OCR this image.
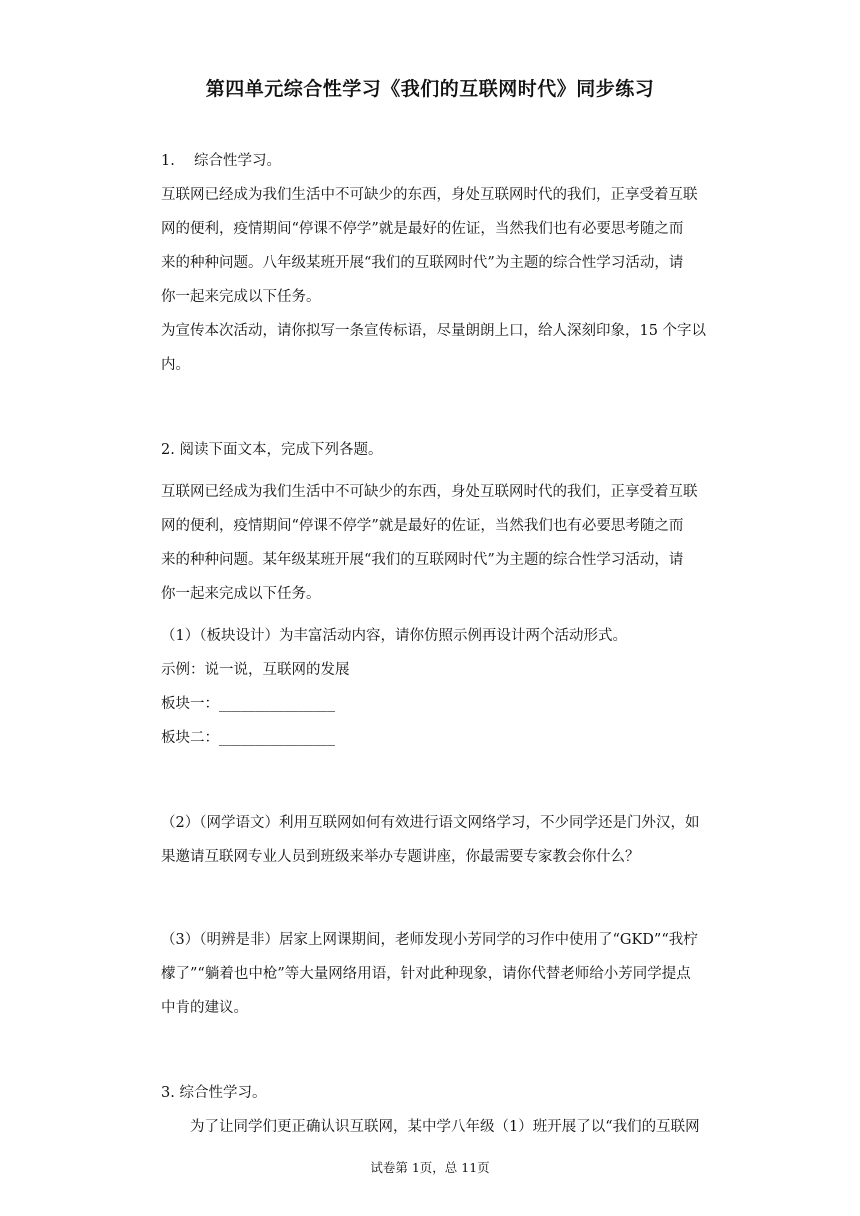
第四单元综合性学习《我们的互联网时代》同步练习
1.　 综合性学习。
互联网已经成为我们生活中不可缺少的东西，身处互联网时代的我们，正享受着互联
网的便利，疫情期间“停课不停学”就是最好的佐证，当然我们也有必要思考随之而
来的种种问题。八年级某班开展“我们的互联网时代”为主题的综合性学习活动，请
你一起来完成以下任务。
为宣传本次活动，请你拟写一条宣传标语，尽量朗朗上口，给人深刻印象，15 个字以
内。
2. 阅读下面文本，完成下列各题。
互联网已经成为我们生活中不可缺少的东西，身处互联网时代的我们，正享受着互联
网的便利，疫情期间“停课不停学”就是最好的佐证，当然我们也有必要思考随之而
来的种种问题。某年级某班开展“我们的互联网时代”为主题的综合性学习活动，请
你一起来完成以下任务。
（1）（板块设计）为丰富活动内容，请你仿照示例再设计两个活动形式。
示例：说一说，互联网的发展
板块一：________________
板块二：________________
（2）（网学语文）利用互联网如何有效进行语文网络学习，不少同学还是门外汉，如
果邀请互联网专业人员到班级来举办专题讲座，你最需要专家教会你什么？
（3）（明辨是非）居家上网课期间，老师发现小芳同学的习作中使用了“GKD”“我柠
檬了”“躺着也中枪”等大量网络用语，针对此种现象，请你代替老师给小芳同学提点
中肯的建议。
3. 综合性学习。
　　为了让同学们更正确认识互联网，某中学八年级（1）班开展了以“我们的互联网
试卷第 1页，总 11页
